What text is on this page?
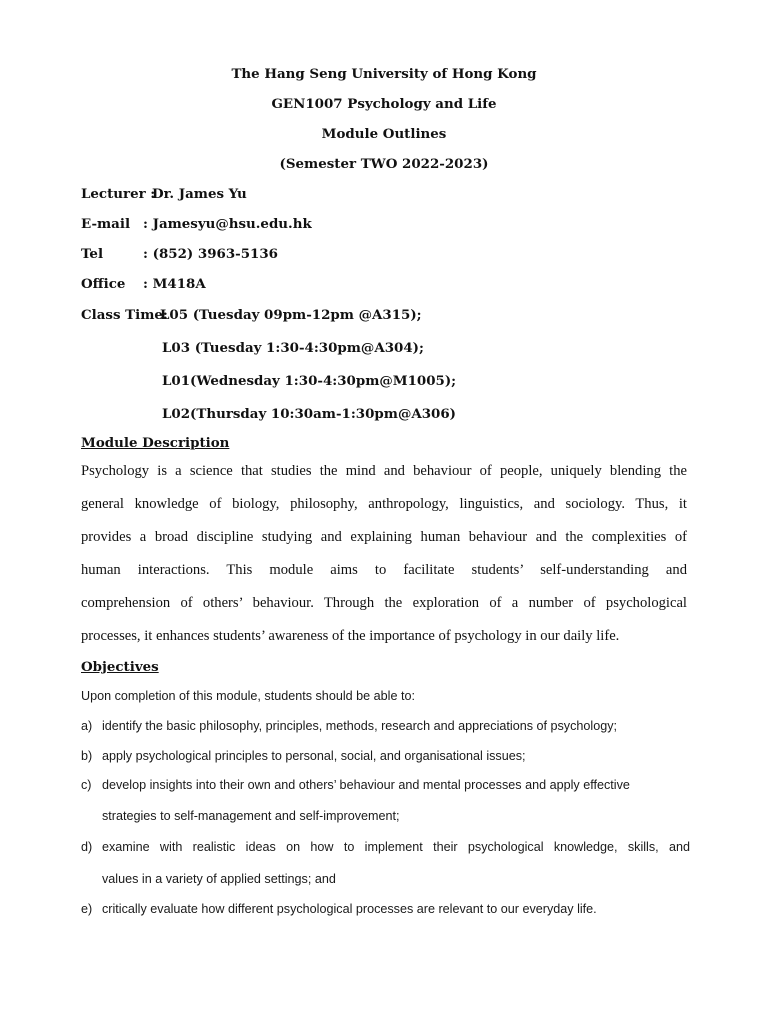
The Hang Seng University of Hong Kong
GEN1007 Psychology and Life
Module Outlines
(Semester TWO 2022-2023)
Lecturer :
Dr. James Yu
E-mail : Jamesyu@hsu.edu.hk
Tel	: (852) 3963-5136
Office : M418A
Class Time:
L05 (Tuesday 09pm-12pm @A315);
L03 (Tuesday 1:30-4:30pm@A304);
L01(Wednesday 1:30-4:30pm@M1005);
L02(Thursday 10:30am-1:30pm@A306)
Module Description
Psychology is a science that studies the mind and behaviour of people, uniquely blending the
general knowledge of biology, philosophy, anthropology, linguistics, and sociology. Thus, it
provides a broad discipline studying and explaining human behaviour and the complexities of
human interactions. This module aims to facilitate students’ self-understanding and
comprehension of others’ behaviour. Through the exploration of a number of psychological
processes, it enhances students’ awareness of the importance of psychology in our daily life.
Objectives
Upon completion of this module, students should be able to:
a) identify the basic philosophy, principles, methods, research and appreciations of psychology;
b) apply psychological principles to personal, social, and organisational issues;
c) develop insights into their own and others’ behaviour and mental processes and apply effective
strategies to self-management and self-improvement;
d) examine with realistic ideas on how to implement their psychological knowledge, skills, and
values in a variety of applied settings; and
e) critically evaluate how different psychological processes are relevant to our everyday life.
